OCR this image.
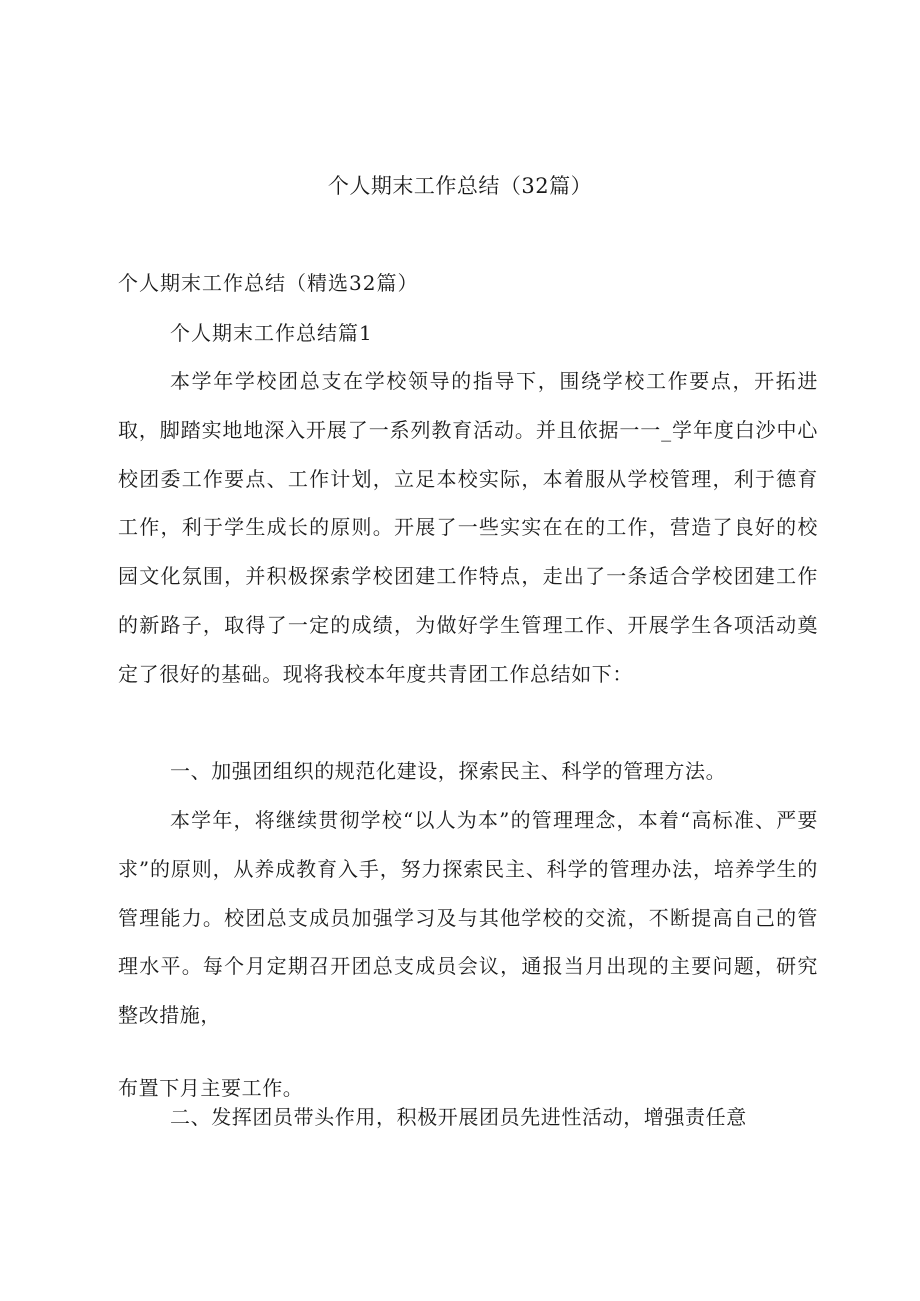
个人期末工作总结（32篇）

个人期末工作总结（精选32篇）

个人期末工作总结篇1

本学年学校团总支在学校领导的指导下，围绕学校工作要点，开拓进取，脚踏实地地深入开展了一系列教育活动。并且依据一一_学年度白沙中心校团委工作要点、工作计划，立足本校实际，本着服从学校管理，利于德育工作，利于学生成长的原则。开展了一些实实在在的工作，营造了良好的校园文化氛围，并积极探索学校团建工作特点，走出了一条适合学校团建工作的新路子，取得了一定的成绩，为做好学生管理工作、开展学生各项活动奠定了很好的基础。现将我校本年度共青团工作总结如下：

一、加强团组织的规范化建设，探索民主、科学的管理方法。

本学年，将继续贯彻学校“以人为本”的管理理念，本着“高标准、严要求”的原则，从养成教育入手，努力探索民主、科学的管理办法，培养学生的管理能力。校团总支成员加强学习及与其他学校的交流，不断提高自己的管理水平。每个月定期召开团总支成员会议，通报当月出现的主要问题，研究整改措施，

布置下月主要工作。

二、发挥团员带头作用，积极开展团员先进性活动，增强责任意
